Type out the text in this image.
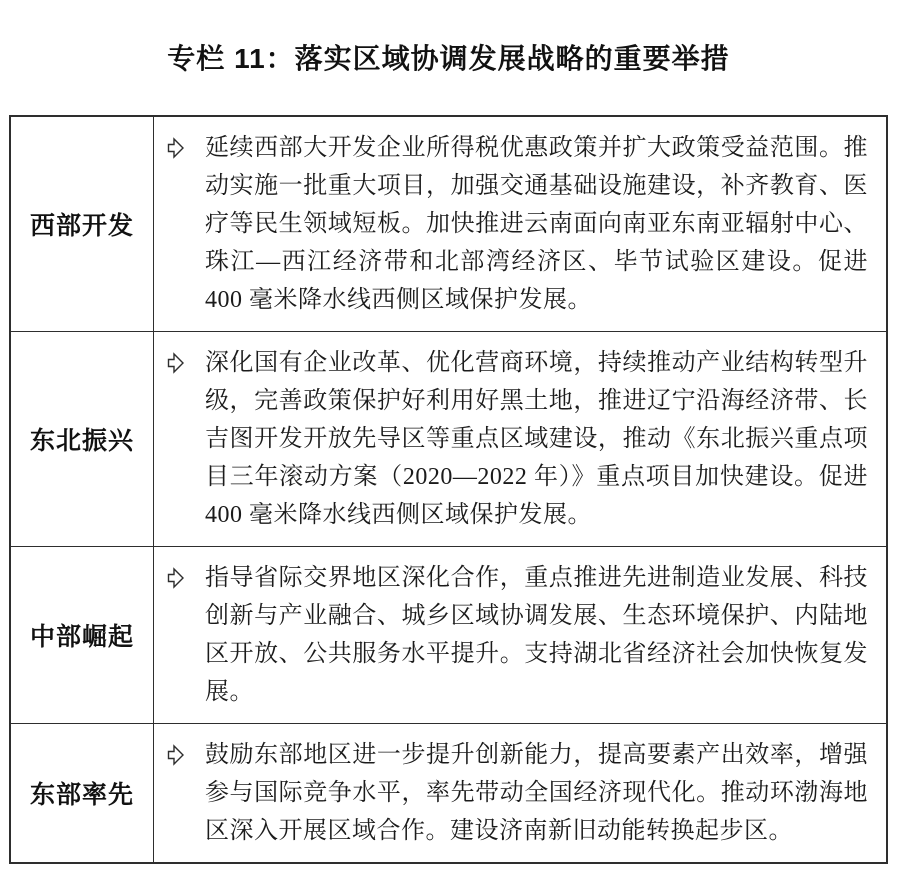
专栏 11：落实区域协调发展战略的重要举措
西部开发	延续西部大开发企业所得税优惠政策并扩大政策受益范围。推动实施一批重大项目，加强交通基础设施建设，补齐教育、医疗等民生领域短板。加快推进云南面向南亚东南亚辐射中心、珠江—西江经济带和北部湾经济区、毕节试验区建设。促进 400 毫米降水线西侧区域保护发展。
东北振兴	深化国有企业改革、优化营商环境，持续推动产业结构转型升级，完善政策保护好利用好黑土地，推进辽宁沿海经济带、长吉图开发开放先导区等重点区域建设，推动《东北振兴重点项目三年滚动方案（2020—2022 年）》重点项目加快建设。促进 400 毫米降水线西侧区域保护发展。
中部崛起	指导省际交界地区深化合作，重点推进先进制造业发展、科技创新与产业融合、城乡区域协调发展、生态环境保护、内陆地区开放、公共服务水平提升。支持湖北省经济社会加快恢复发展。
东部率先	鼓励东部地区进一步提升创新能力，提高要素产出效率，增强参与国际竞争水平，率先带动全国经济现代化。推动环渤海地区深入开展区域合作。建设济南新旧动能转换起步区。
